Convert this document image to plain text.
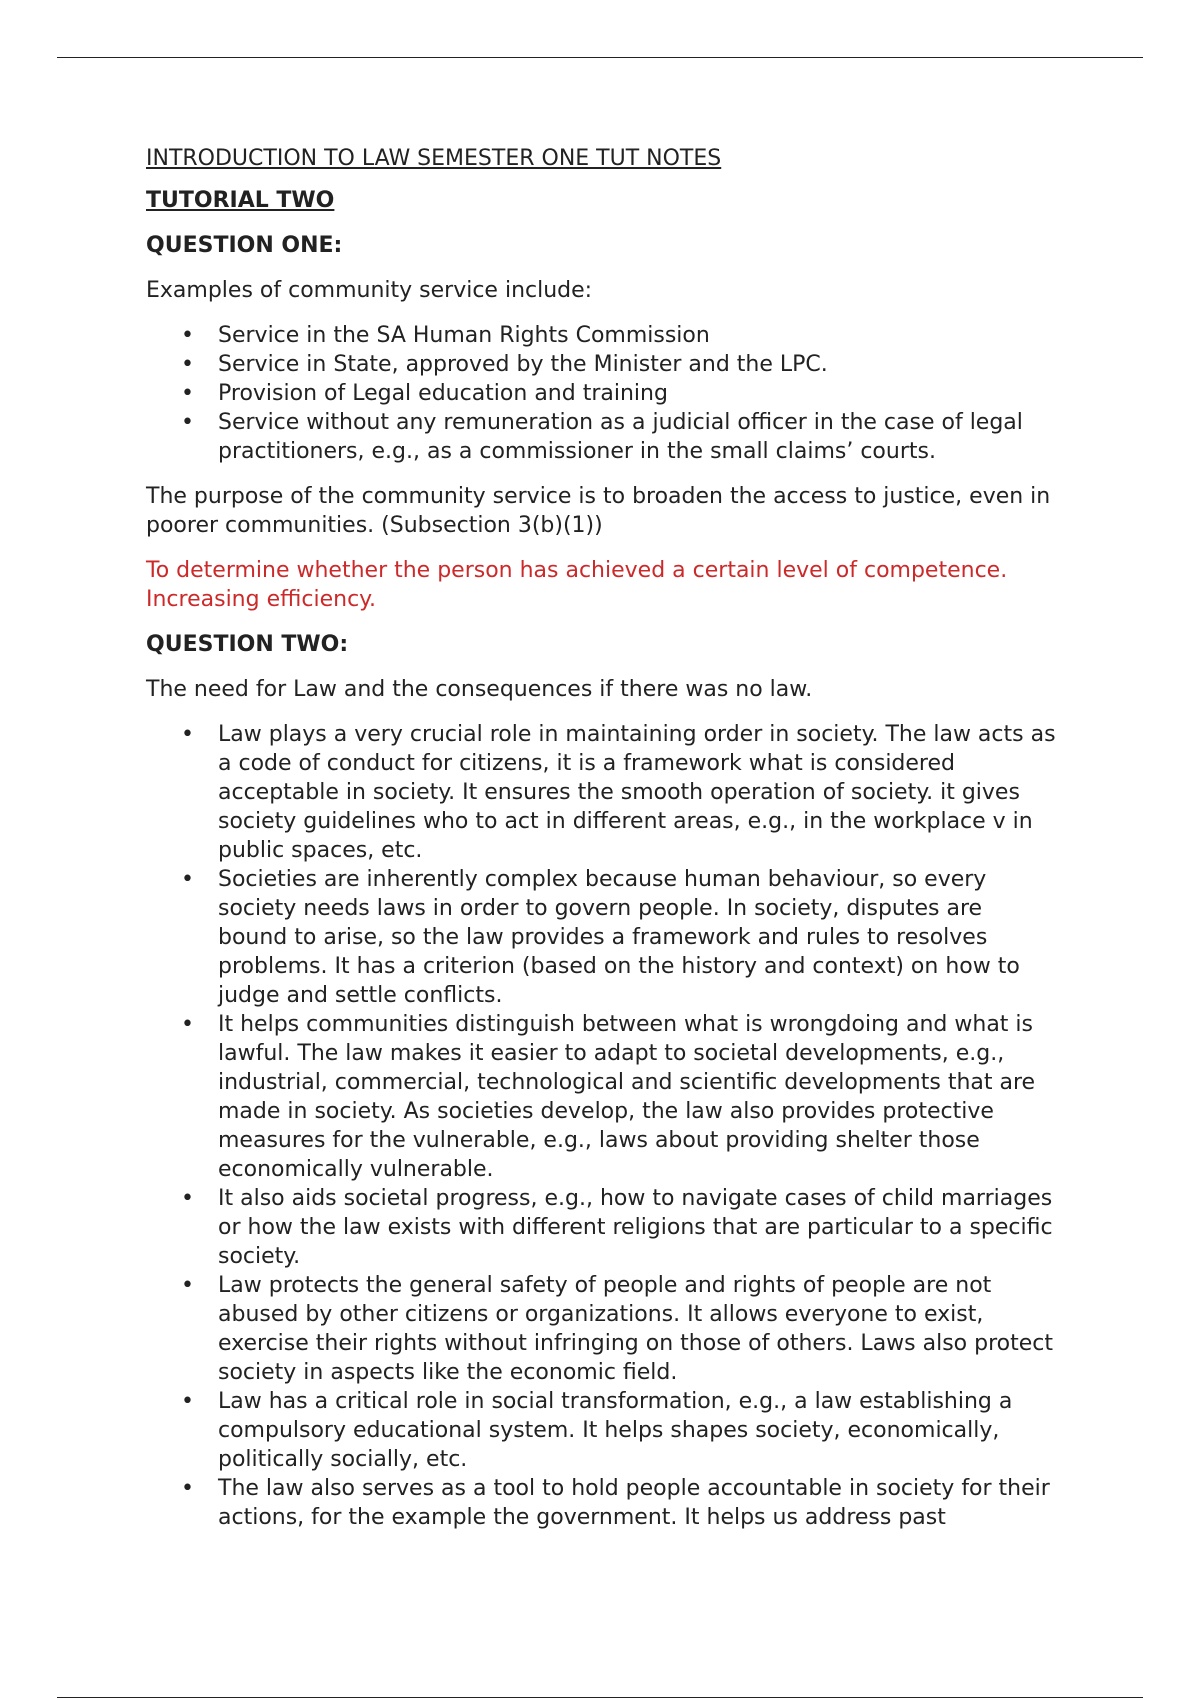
INTRODUCTION TO LAW SEMESTER ONE TUT NOTES

TUTORIAL TWO

QUESTION ONE:

Examples of community service include:

• Service in the SA Human Rights Commission
• Service in State, approved by the Minister and the LPC.
• Provision of Legal education and training
• Service without any remuneration as a judicial officer in the case of legal practitioners, e.g., as a commissioner in the small claims’ courts.

The purpose of the community service is to broaden the access to justice, even in poorer communities. (Subsection 3(b)(1))

To determine whether the person has achieved a certain level of competence.
Increasing efficiency.

QUESTION TWO:

The need for Law and the consequences if there was no law.

• Law plays a very crucial role in maintaining order in society. The law acts as a code of conduct for citizens, it is a framework what is considered acceptable in society. It ensures the smooth operation of society. it gives society guidelines who to act in different areas, e.g., in the workplace v in public spaces, etc.
• Societies are inherently complex because human behaviour, so every society needs laws in order to govern people. In society, disputes are bound to arise, so the law provides a framework and rules to resolves problems. It has a criterion (based on the history and context) on how to judge and settle conflicts.
• It helps communities distinguish between what is wrongdoing and what is lawful. The law makes it easier to adapt to societal developments, e.g., industrial, commercial, technological and scientific developments that are made in society. As societies develop, the law also provides protective measures for the vulnerable, e.g., laws about providing shelter those economically vulnerable.
• It also aids societal progress, e.g., how to navigate cases of child marriages or how the law exists with different religions that are particular to a specific society.
• Law protects the general safety of people and rights of people are not abused by other citizens or organizations. It allows everyone to exist, exercise their rights without infringing on those of others. Laws also protect society in aspects like the economic field.
• Law has a critical role in social transformation, e.g., a law establishing a compulsory educational system. It helps shapes society, economically, politically socially, etc.
• The law also serves as a tool to hold people accountable in society for their actions, for the example the government. It helps us address past
